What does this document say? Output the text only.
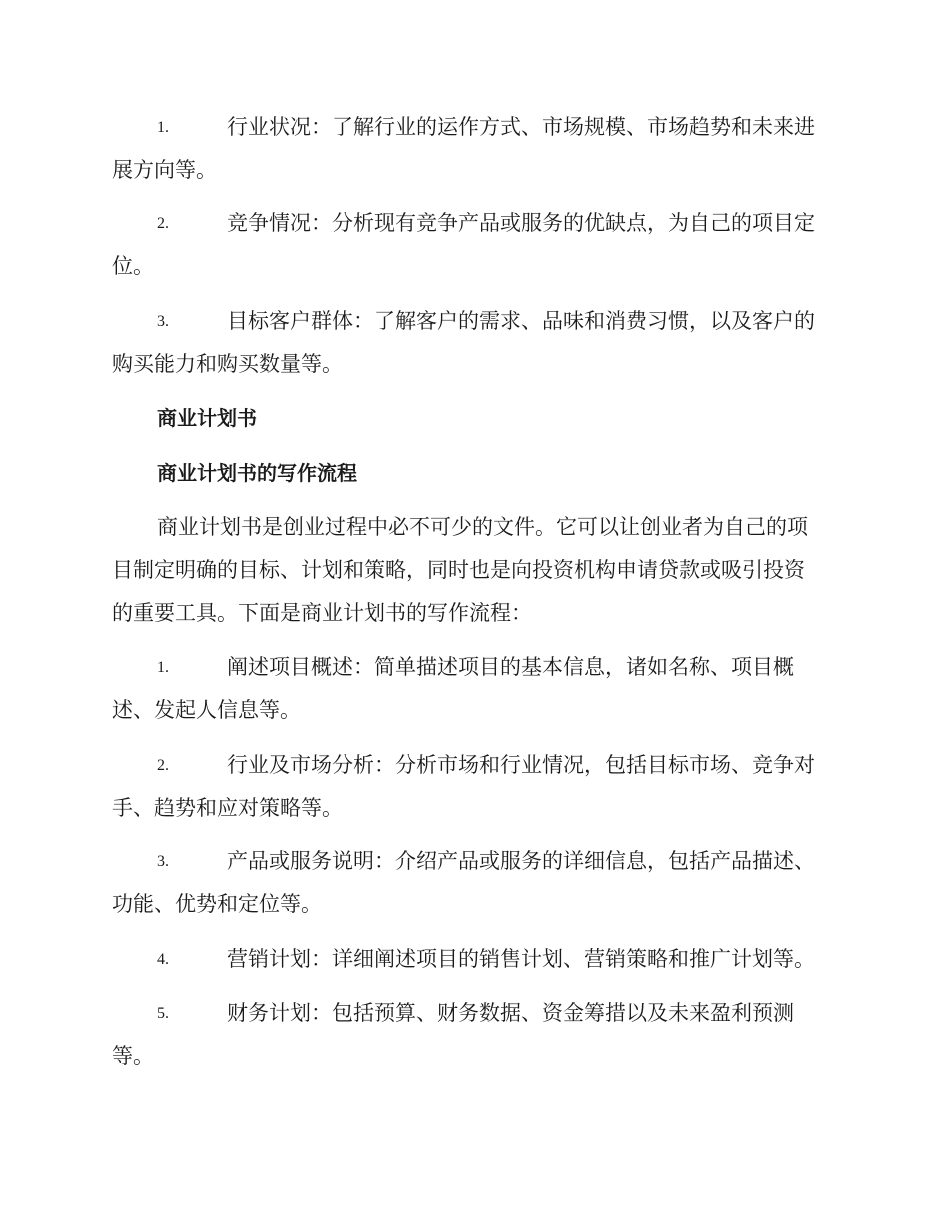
1.	行业状况：了解行业的运作方式、市场规模、市场趋势和未来进
展方向等。
2.	竞争情况：分析现有竞争产品或服务的优缺点，为自己的项目定
位。
3.	目标客户群体：了解客户的需求、品味和消费习惯，以及客户的
购买能力和购买数量等。
商业计划书
商业计划书的写作流程
商业计划书是创业过程中必不可少的文件。它可以让创业者为自己的项
目制定明确的目标、计划和策略，同时也是向投资机构申请贷款或吸引投资
的重要工具。下面是商业计划书的写作流程：
1.	阐述项目概述：简单描述项目的基本信息，诸如名称、项目概
述、发起人信息等。
2.	行业及市场分析：分析市场和行业情况，包括目标市场、竞争对
手、趋势和应对策略等。
3.	产品或服务说明：介绍产品或服务的详细信息，包括产品描述、
功能、优势和定位等。
4.	营销计划：详细阐述项目的销售计划、营销策略和推广计划等。
5.	财务计划：包括预算、财务数据、资金筹措以及未来盈利预测
等。
